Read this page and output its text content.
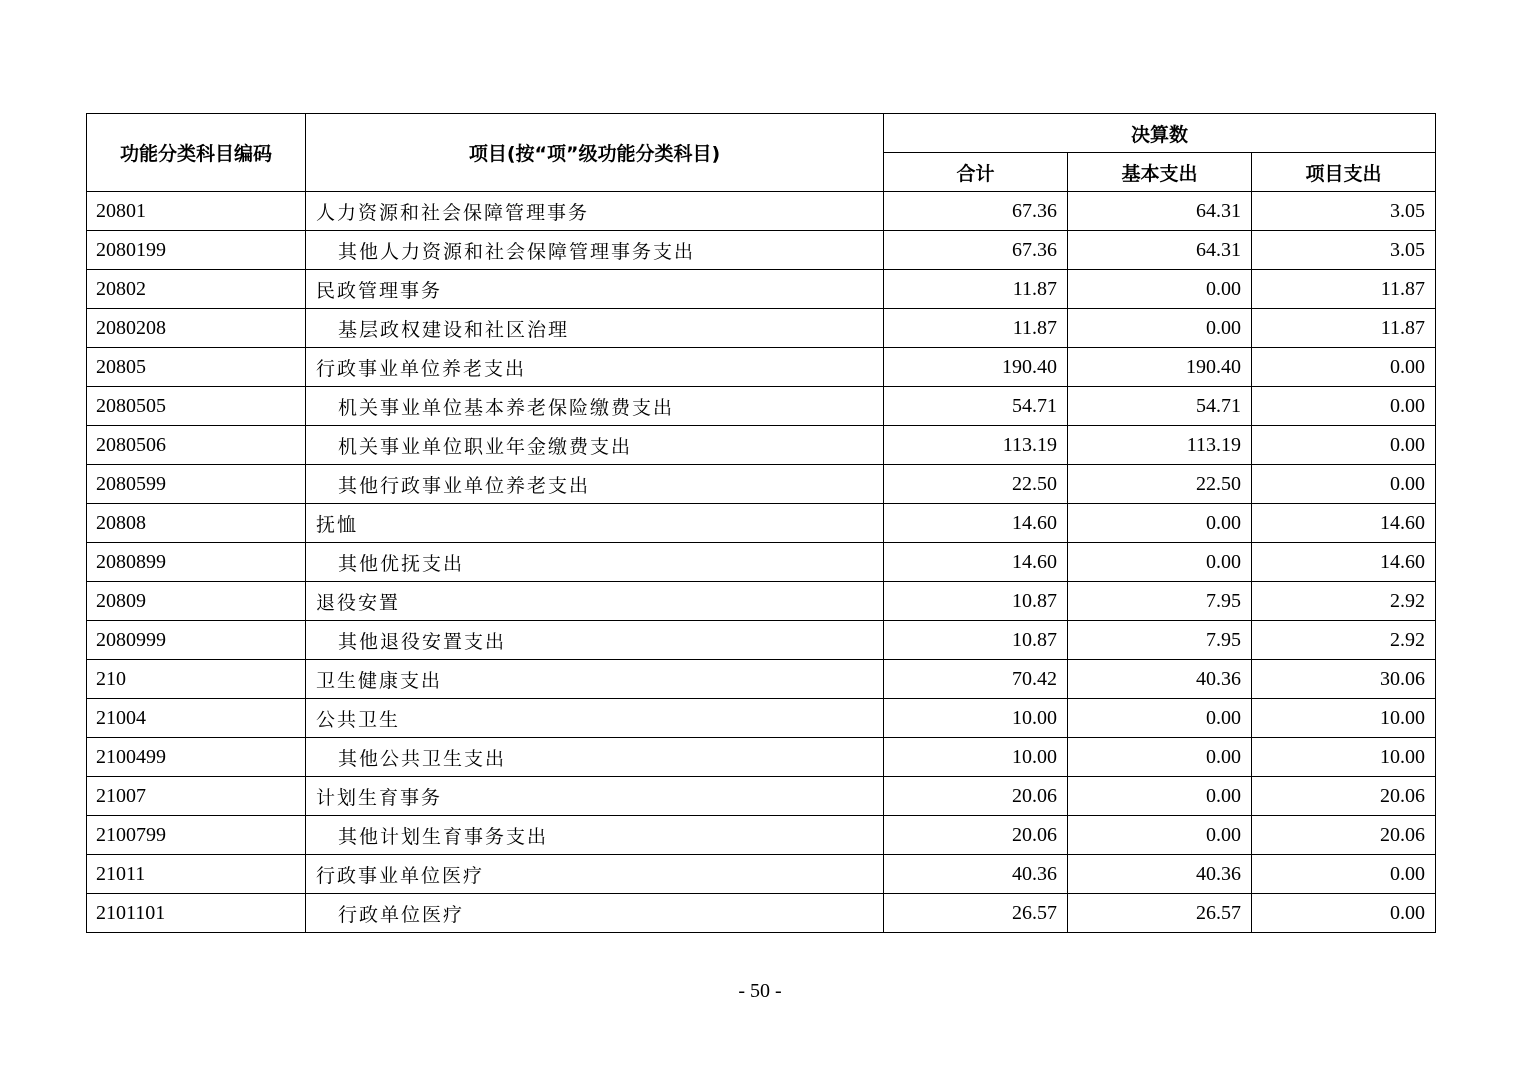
功能分类科目编码	项目(按“项”级功能分类科目)	决算数		
		合计	基本支出	项目支出
20801	人力资源和社会保障管理事务	67.36	64.31	3.05
2080199	其他人力资源和社会保障管理事务支出	67.36	64.31	3.05
20802	民政管理事务	11.87	0.00	11.87
2080208	基层政权建设和社区治理	11.87	0.00	11.87
20805	行政事业单位养老支出	190.40	190.40	0.00
2080505	机关事业单位基本养老保险缴费支出	54.71	54.71	0.00
2080506	机关事业单位职业年金缴费支出	113.19	113.19	0.00
2080599	其他行政事业单位养老支出	22.50	22.50	0.00
20808	抚恤	14.60	0.00	14.60
2080899	其他优抚支出	14.60	0.00	14.60
20809	退役安置	10.87	7.95	2.92
2080999	其他退役安置支出	10.87	7.95	2.92
210	卫生健康支出	70.42	40.36	30.06
21004	公共卫生	10.00	0.00	10.00
2100499	其他公共卫生支出	10.00	0.00	10.00
21007	计划生育事务	20.06	0.00	20.06
2100799	其他计划生育事务支出	20.06	0.00	20.06
21011	行政事业单位医疗	40.36	40.36	0.00
2101101	行政单位医疗	26.57	26.57	0.00
- 50 -
